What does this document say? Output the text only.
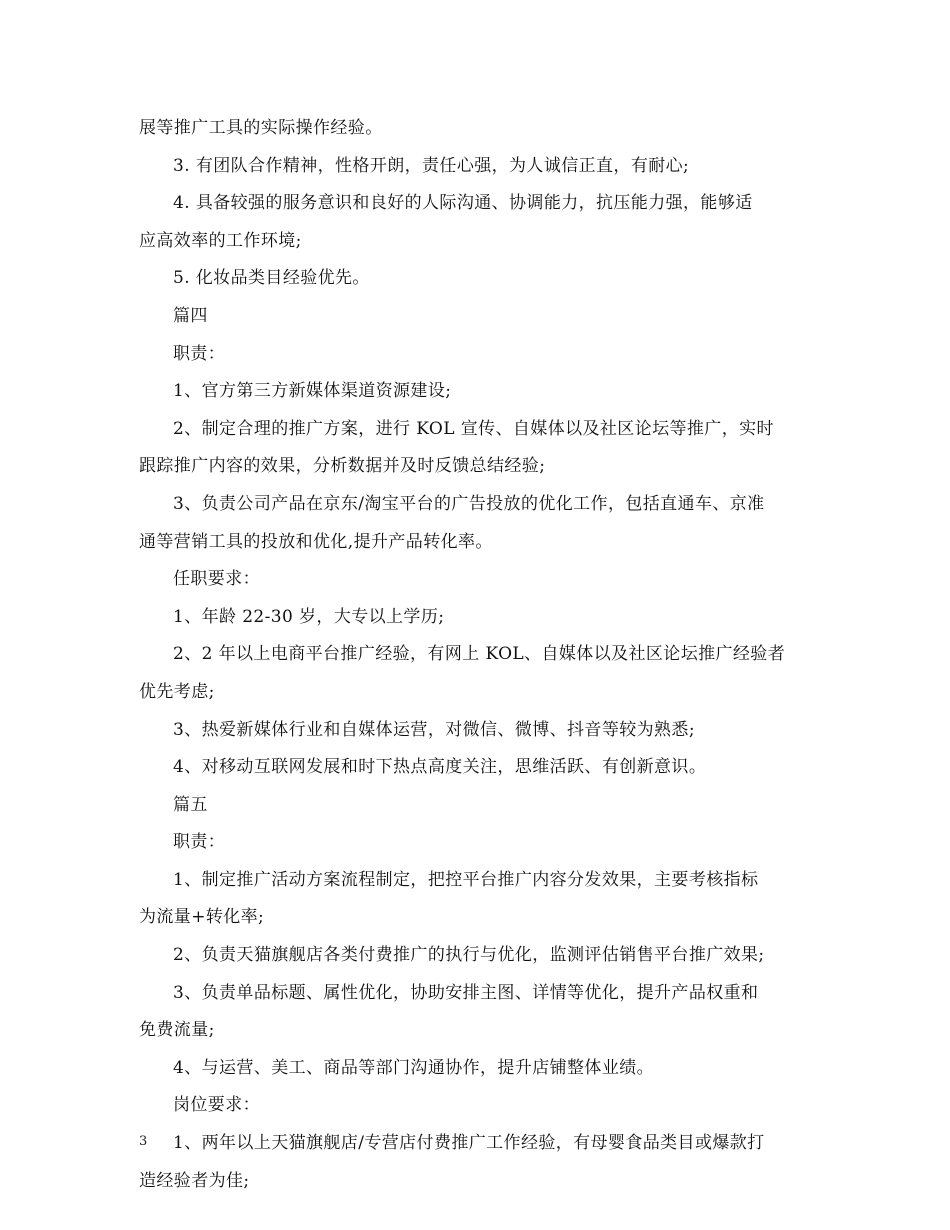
展等推广工具的实际操作经验。
3. 有团队合作精神，性格开朗，责任心强，为人诚信正直，有耐心;
4. 具备较强的服务意识和良好的人际沟通、协调能力，抗压能力强，能够适
应高效率的工作环境;
5. 化妆品类目经验优先。
篇四
职责：
1、官方第三方新媒体渠道资源建设;
2、制定合理的推广方案，进行 KOL 宣传、自媒体以及社区论坛等推广，实时
跟踪推广内容的效果，分析数据并及时反馈总结经验;
3、负责公司产品在京东/淘宝平台的广告投放的优化工作，包括直通车、京准
通等营销工具的投放和优化,提升产品转化率。
任职要求：
1、年龄 22-30 岁，大专以上学历;
2、2 年以上电商平台推广经验，有网上 KOL、自媒体以及社区论坛推广经验者
优先考虑;
3、热爱新媒体行业和自媒体运营，对微信、微博、抖音等较为熟悉;
4、对移动互联网发展和时下热点高度关注，思维活跃、有创新意识。
篇五
职责：
1、制定推广活动方案流程制定，把控平台推广内容分发效果，主要考核指标
为流量+转化率;
2、负责天猫旗舰店各类付费推广的执行与优化，监测评估销售平台推广效果;
3、负责单品标题、属性优化，协助安排主图、详情等优化，提升产品权重和
免费流量;
4、与运营、美工、商品等部门沟通协作，提升店铺整体业绩。
岗位要求：
1、两年以上天猫旗舰店/专营店付费推广工作经验，有母婴食品类目或爆款打
造经验者为佳;
3
